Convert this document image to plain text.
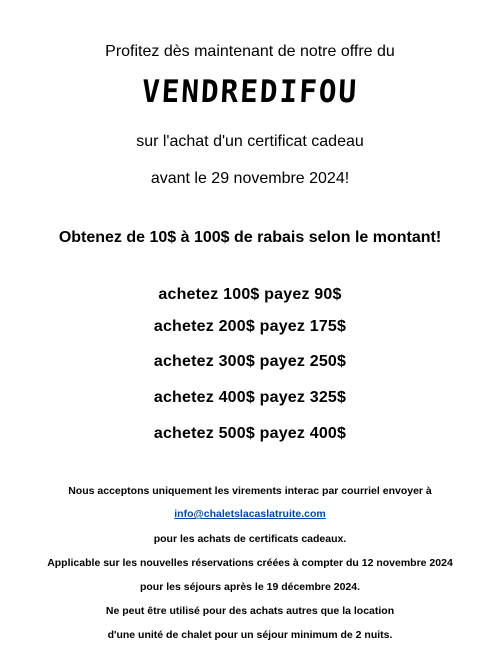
Profitez dès maintenant de notre offre du

VENDREDIFOU

sur l'achat d'un certificat cadeau

avant le 29 novembre 2024!

Obtenez de 10$ à 100$ de rabais selon le montant!

achetez 100$ payez 90$

achetez 200$ payez 175$

achetez 300$ payez 250$

achetez 400$ payez 325$

achetez 500$ payez 400$

Nous acceptons uniquement les virements interac par courriel envoyer à

info@chaletslacaslatruite.com

pour les achats de certificats cadeaux.

Applicable sur les nouvelles réservations créées à compter du 12 novembre 2024

pour les séjours après le 19 décembre 2024.

Ne peut être utilisé pour des achats autres que la location

d'une unité de chalet pour un séjour minimum de 2 nuits.
